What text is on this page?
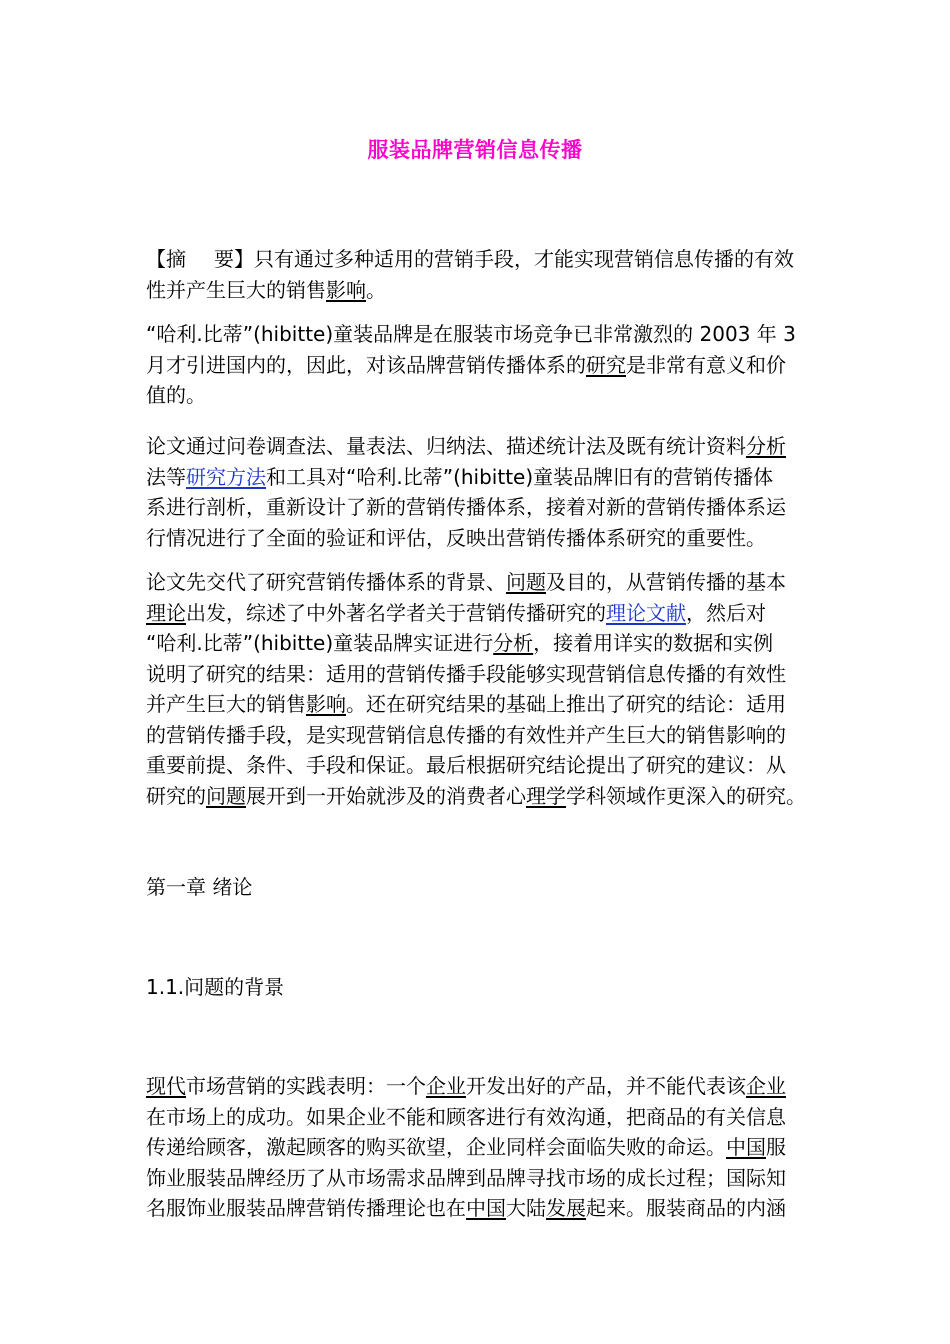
服装品牌营销信息传播
【摘 要】只有通过多种适用的营销手段，才能实现营销信息传播的有效
性并产生巨大的销售影响。
“哈利.比蒂”(hibitte)童装品牌是在服装市场竞争已非常激烈的 2003 年 3
月才引进国内的，因此，对该品牌营销传播体系的研究是非常有意义和价
值的。
论文通过问卷调查法、量表法、归纳法、描述统计法及既有统计资料分析
法等研究方法和工具对“哈利.比蒂”(hibitte)童装品牌旧有的营销传播体
系进行剖析，重新设计了新的营销传播体系，接着对新的营销传播体系运
行情况进行了全面的验证和评估，反映出营销传播体系研究的重要性。
论文先交代了研究营销传播体系的背景、问题及目的，从营销传播的基本
理论出发，综述了中外著名学者关于营销传播研究的理论文献，然后对
“哈利.比蒂”(hibitte)童装品牌实证进行分析，接着用详实的数据和实例
说明了研究的结果：适用的营销传播手段能够实现营销信息传播的有效性
并产生巨大的销售影响。还在研究结果的基础上推出了研究的结论：适用
的营销传播手段，是实现营销信息传播的有效性并产生巨大的销售影响的
重要前提、条件、手段和保证。最后根据研究结论提出了研究的建议：从
研究的问题展开到一开始就涉及的消费者心理学学科领域作更深入的研究。
第一章 绪论
1.1.问题的背景
现代市场营销的实践表明：一个企业开发出好的产品，并不能代表该企业
在市场上的成功。如果企业不能和顾客进行有效沟通，把商品的有关信息
传递给顾客，激起顾客的购买欲望，企业同样会面临失败的命运。中国服
饰业服装品牌经历了从市场需求品牌到品牌寻找市场的成长过程；国际知
名服饰业服装品牌营销传播理论也在中国大陆发展起来。服装商品的内涵
